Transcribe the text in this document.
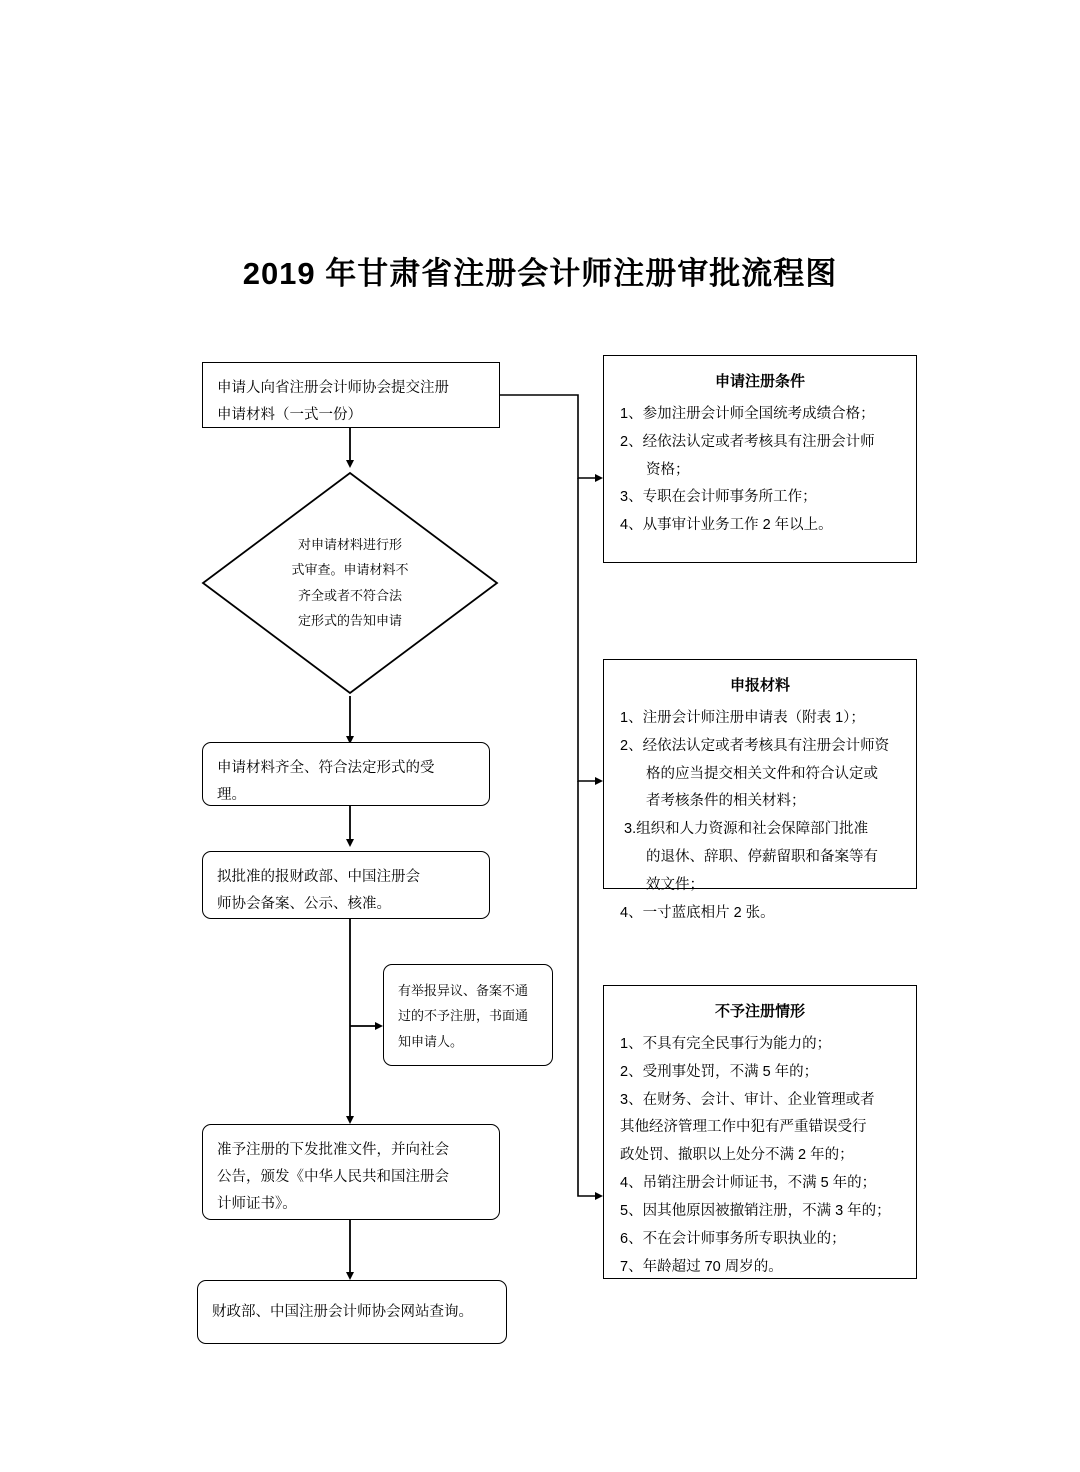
2019 年甘肃省注册会计师注册审批流程图
申请人向省注册会计师协会提交注册
申请材料（一式一份）
对申请材料进行形
式审查。申请材料不
齐全或者不符合法
定形式的告知申请
申请材料齐全、符合法定形式的受
理。
拟批准的报财政部、中国注册会
师协会备案、公示、核准。
有举报异议、备案不通
过的不予注册，书面通
知申请人。
准予注册的下发批准文件，并向社会
公告，颁发《中华人民共和国注册会
计师证书》。
财政部、中国注册会计师协会网站查询。
申请注册条件
1、参加注册会计师全国统考成绩合格；
2、经依法认定或者考核具有注册会计师
资格；
3、专职在会计师事务所工作；
4、从事审计业务工作 2 年以上。
申报材料
1、注册会计师注册申请表（附表 1）；
2、经依法认定或者考核具有注册会计师资
格的应当提交相关文件和符合认定或
者考核条件的相关材料；
3.组织和人力资源和社会保障部门批准
的退休、辞职、停薪留职和备案等有
效文件；
4、一寸蓝底相片 2 张。
不予注册情形
1、不具有完全民事行为能力的；
2、受刑事处罚，不满 5 年的；
3、在财务、会计、审计、企业管理或者
其他经济管理工作中犯有严重错误受行
政处罚、撤职以上处分不满 2 年的；
4、吊销注册会计师证书，不满 5 年的；
5、因其他原因被撤销注册，不满 3 年的；
6、不在会计师事务所专职执业的；
7、年龄超过 70 周岁的。
